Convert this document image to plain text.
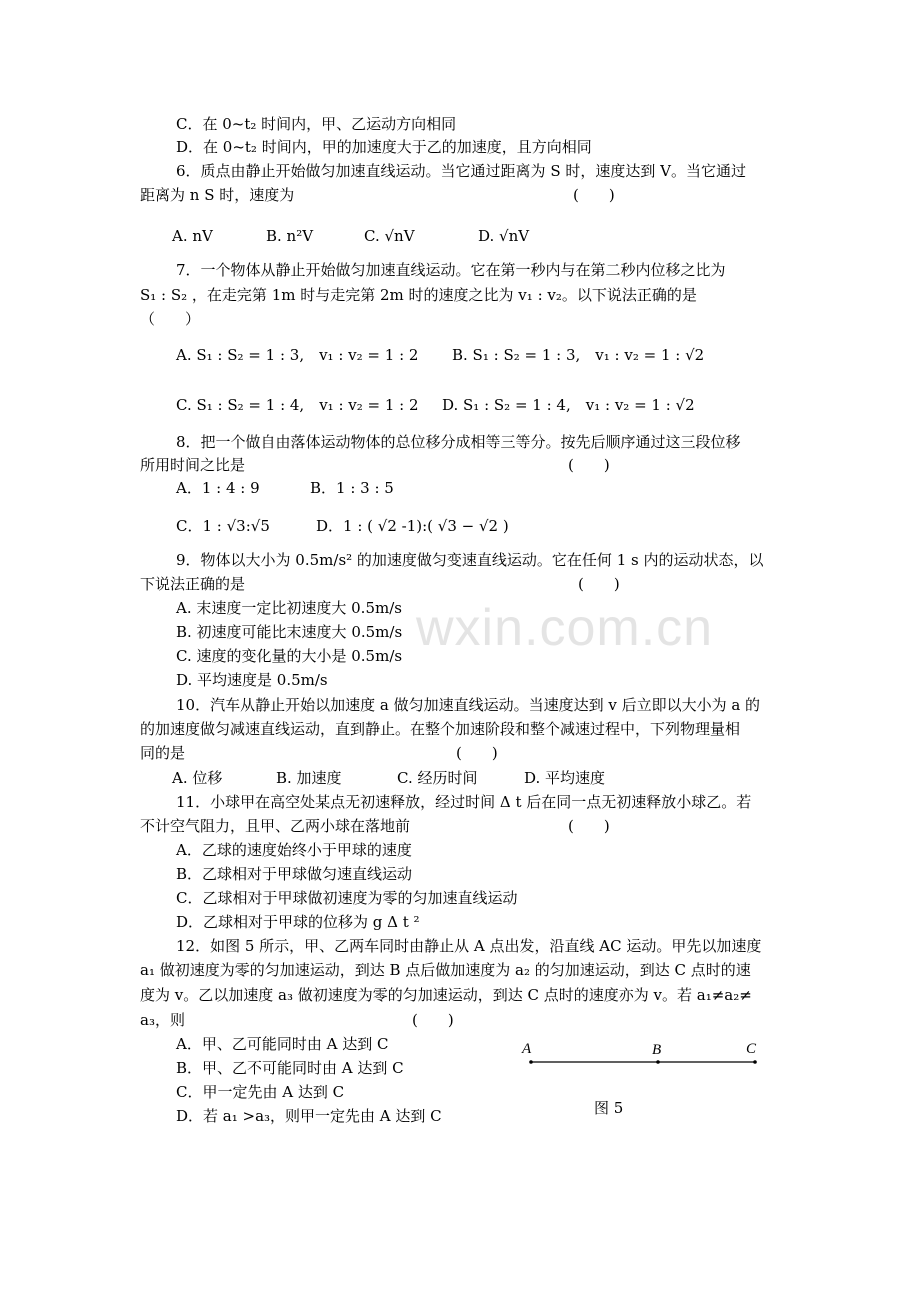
wxin.com.cn
C．在 0~t₂ 时间内，甲、乙运动方向相同
D．在 0~t₂ 时间内，甲的加速度大于乙的加速度，且方向相同
6．质点由静止开始做匀加速直线运动。当它通过距离为 S 时，速度达到 V。当它通过
距离为 n S 时，速度为	(　　)
A. nV	B. n²V	C. √nV	D. √nV
7．一个物体从静止开始做匀加速直线运动。它在第一秒内与在第二秒内位移之比为
S₁ : S₂ ，在走完第 1m 时与走完第 2m 时的速度之比为 v₁ : v₂。以下说法正确的是
（　　）
A. S₁ : S₂ = 1 : 3,　v₁ : v₂ = 1 : 2 B. S₁ : S₂ = 1 : 3,　v₁ : v₂ = 1 : √2
C. S₁ : S₂ = 1 : 4,　v₁ : v₂ = 1 : 2 D. S₁ : S₂ = 1 : 4,　v₁ : v₂ = 1 : √2
8．把一个做自由落体运动物体的总位移分成相等三等分。按先后顺序通过这三段位移
所用时间之比是	(　　)
A．1 : 4 : 9	B．1 : 3 : 5
C．1 : √3:√5	D．1 : ( √2 -1):( √3 − √2 )
9．物体以大小为 0.5m/s² 的加速度做匀变速直线运动。它在任何 1 s 内的运动状态，以
下说法正确的是	(　　)
A. 末速度一定比初速度大 0.5m/s
B. 初速度可能比末速度大 0.5m/s
C. 速度的变化量的大小是 0.5m/s
D. 平均速度是 0.5m/s
10．汽车从静止开始以加速度 a 做匀加速直线运动。当速度达到 v 后立即以大小为 a 的
的加速度做匀减速直线运动，直到静止。在整个加速阶段和整个减速过程中，下列物理量相
同的是	(　　)
A. 位移	B. 加速度	C. 经历时间	D. 平均速度
11．小球甲在高空处某点无初速释放，经过时间 Δ t 后在同一点无初速释放小球乙。若
不计空气阻力，且甲、乙两小球在落地前	(　　)
A．乙球的速度始终小于甲球的速度
B．乙球相对于甲球做匀速直线运动
C．乙球相对于甲球做初速度为零的匀加速直线运动
D．乙球相对于甲球的位移为 g Δ t ²
12．如图 5 所示，甲、乙两车同时由静止从 A 点出发，沿直线 AC 运动。甲先以加速度
a₁ 做初速度为零的匀加速运动，到达 B 点后做加速度为 a₂ 的匀加速运动，到达 C 点时的速
度为 v。乙以加速度 a₃ 做初速度为零的匀加速运动，到达 C 点时的速度亦为 v。若 a₁≠a₂≠
a₃，则	(　　)
A．甲、乙可能同时由 A 达到 C
B．甲、乙不可能同时由 A 达到 C
C．甲一定先由 A 达到 C
D．若 a₁ >a₃，则甲一定先由 A 达到 C
A	B	C
图 5
